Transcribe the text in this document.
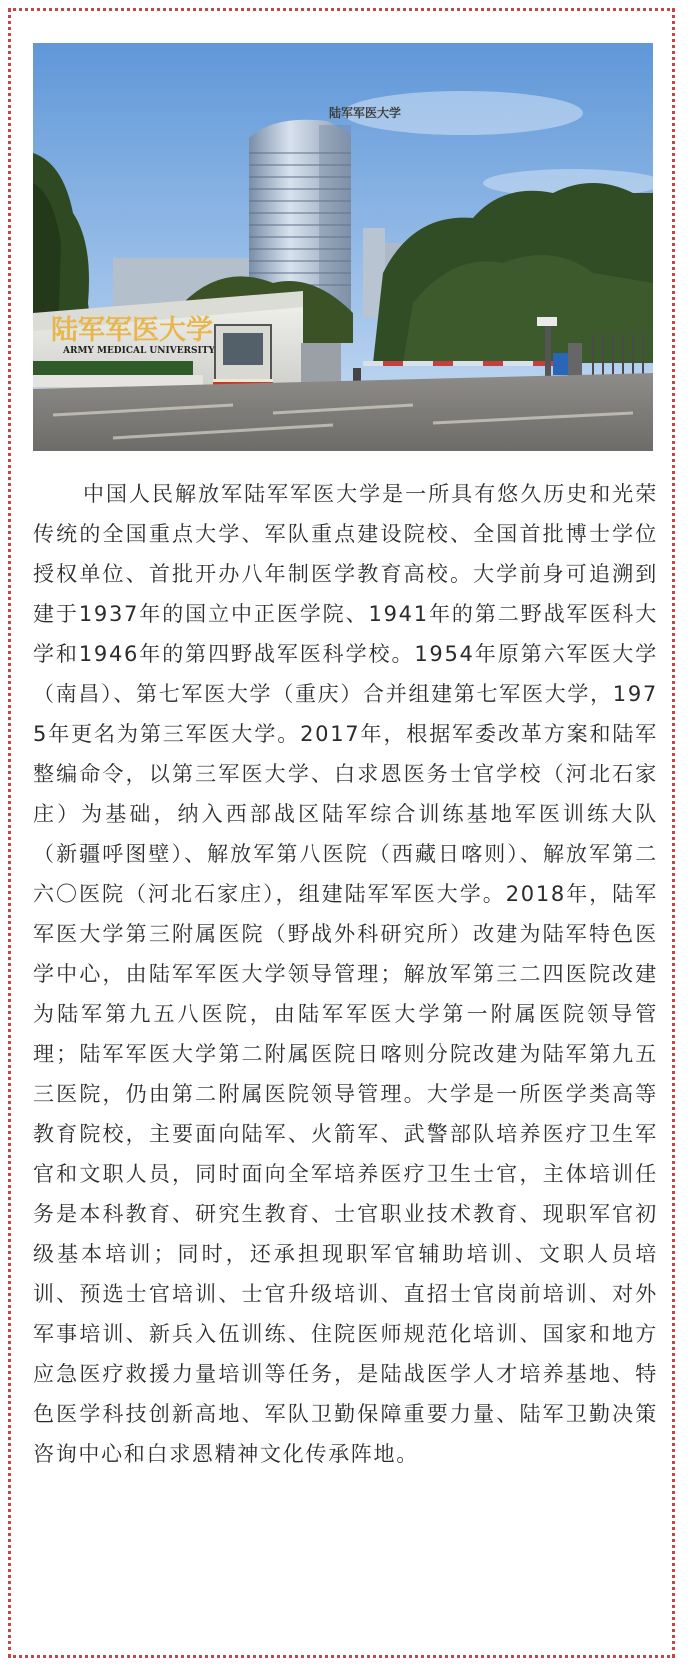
陆军军医大学
陆军军医大学
ARMY MEDICAL UNIVERSITY

中国人民解放军陆军军医大学是一所具有悠久历史和光荣传统的全国重点大学、军队重点建设院校、全国首批博士学位授权单位、首批开办八年制医学教育高校。大学前身可追溯到建于1937年的国立中正医学院、1941年的第二野战军医科大学和1946年的第四野战军医科学校。1954年原第六军医大学（南昌）、第七军医大学（重庆）合并组建第七军医大学，1975年更名为第三军医大学。2017年，根据军委改革方案和陆军整编命令，以第三军医大学、白求恩医务士官学校（河北石家庄）为基础，纳入西部战区陆军综合训练基地军医训练大队（新疆呼图壁）、解放军第八医院（西藏日喀则）、解放军第二六〇医院（河北石家庄），组建陆军军医大学。2018年，陆军军医大学第三附属医院（野战外科研究所）改建为陆军特色医学中心，由陆军军医大学领导管理；解放军第三二四医院改建为陆军第九五八医院，由陆军军医大学第一附属医院领导管理；陆军军医大学第二附属医院日喀则分院改建为陆军第九五三医院，仍由第二附属医院领导管理。大学是一所医学类高等教育院校，主要面向陆军、火箭军、武警部队培养医疗卫生军官和文职人员，同时面向全军培养医疗卫生士官，主体培训任务是本科教育、研究生教育、士官职业技术教育、现职军官初级基本培训；同时，还承担现职军官辅助培训、文职人员培训、预选士官培训、士官升级培训、直招士官岗前培训、对外军事培训、新兵入伍训练、住院医师规范化培训、国家和地方应急医疗救援力量培训等任务，是陆战医学人才培养基地、特色医学科技创新高地、军队卫勤保障重要力量、陆军卫勤决策咨询中心和白求恩精神文化传承阵地。
